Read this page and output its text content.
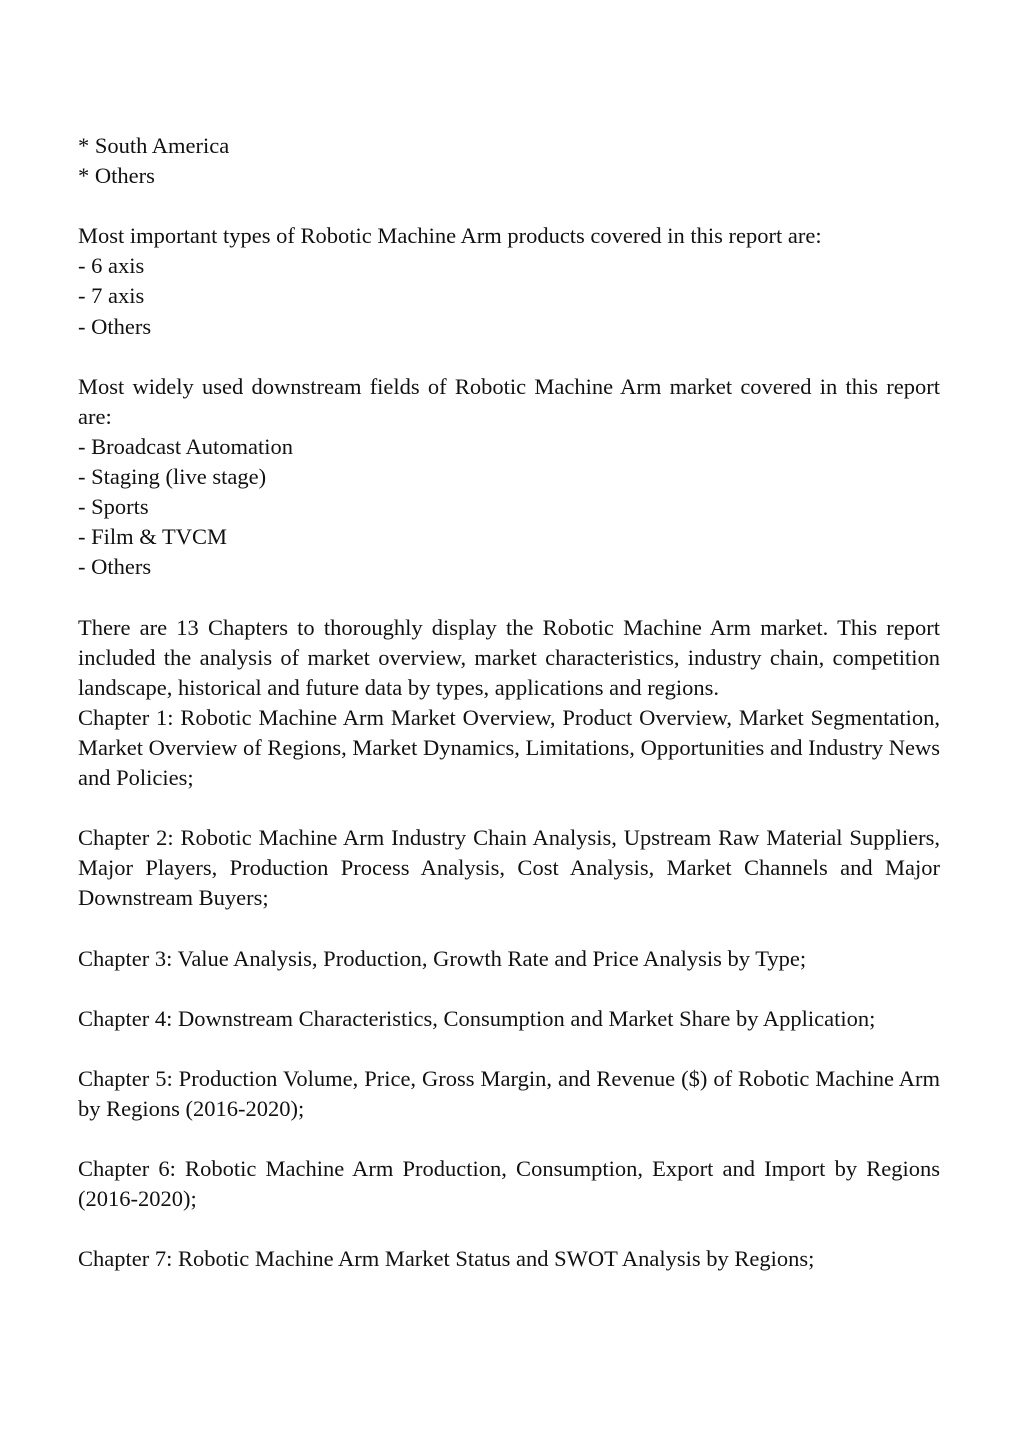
* South America
* Others
Most important types of Robotic Machine Arm products covered in this report are:
- 6 axis
- 7 axis
- Others
Most widely used downstream fields of Robotic Machine Arm market covered in this report are:
- Broadcast Automation
- Staging (live stage)
- Sports
- Film & TVCM
- Others
There are 13 Chapters to thoroughly display the Robotic Machine Arm market. This report included the analysis of market overview, market characteristics, industry chain, competition landscape, historical and future data by types, applications and regions.
Chapter 1: Robotic Machine Arm Market Overview, Product Overview, Market Segmentation, Market Overview of Regions, Market Dynamics, Limitations, Opportunities and Industry News and Policies;
Chapter 2: Robotic Machine Arm Industry Chain Analysis, Upstream Raw Material Suppliers, Major Players, Production Process Analysis, Cost Analysis, Market Channels and Major Downstream Buyers;
Chapter 3: Value Analysis, Production, Growth Rate and Price Analysis by Type;
Chapter 4: Downstream Characteristics, Consumption and Market Share by Application;
Chapter 5: Production Volume, Price, Gross Margin, and Revenue ($) of Robotic Machine Arm by Regions (2016-2020);
Chapter 6: Robotic Machine Arm Production, Consumption, Export and Import by Regions (2016-2020);
Chapter 7: Robotic Machine Arm Market Status and SWOT Analysis by Regions;
